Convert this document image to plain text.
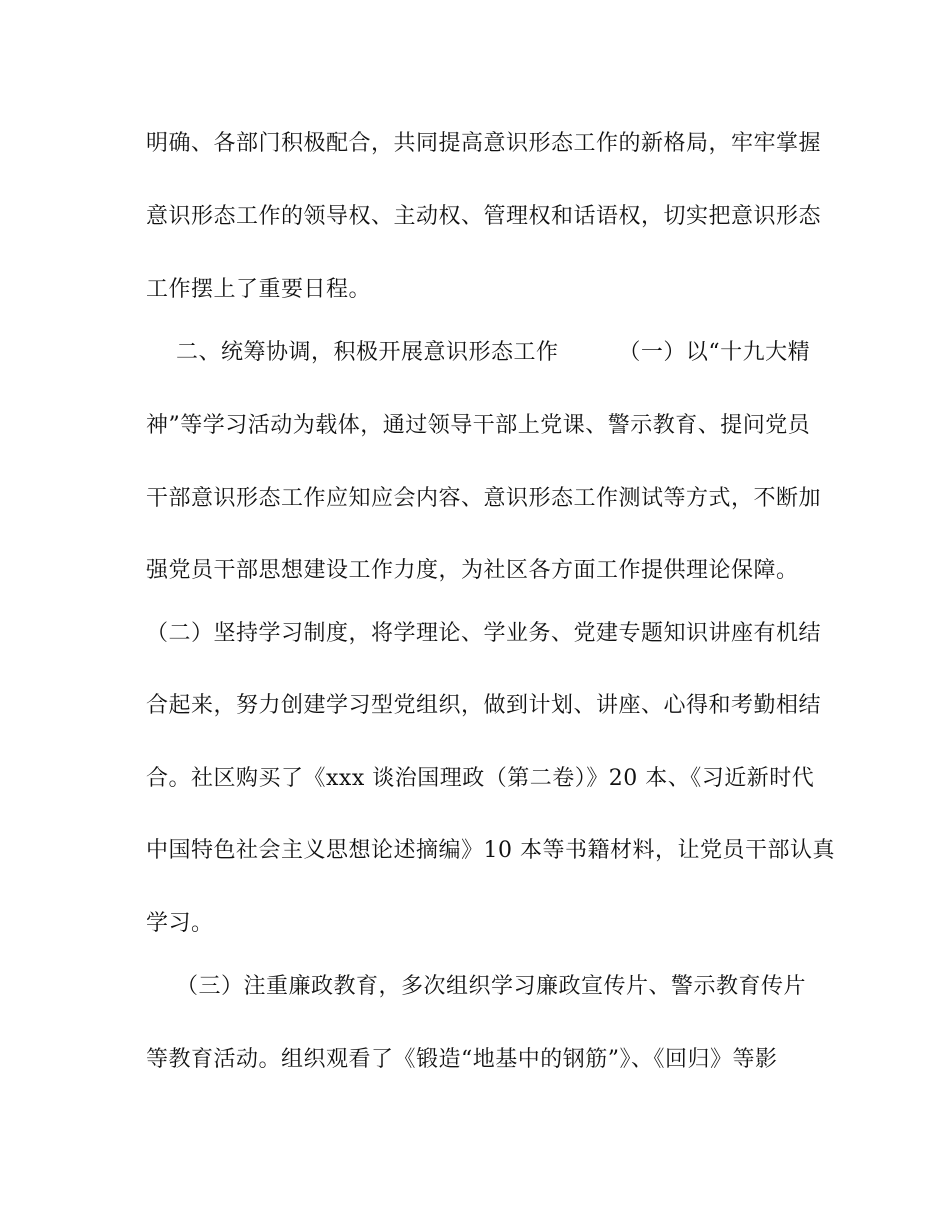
明确、各部门积极配合，共同提高意识形态工作的新格局，牢牢掌握
意识形态工作的领导权、主动权、管理权和话语权，切实把意识形态
工作摆上了重要日程。
二、统筹协调，积极开展意识形态工作        （一）以“十九大精
神”等学习活动为载体，通过领导干部上党课、警示教育、提问党员
干部意识形态工作应知应会内容、意识形态工作测试等方式，不断加
强党员干部思想建设工作力度，为社区各方面工作提供理论保障。
（二）坚持学习制度，将学理论、学业务、党建专题知识讲座有机结
合起来，努力创建学习型党组织，做到计划、讲座、心得和考勤相结
合。社区购买了《xxx 谈治国理政（第二卷）》20 本、《习近新时代
中国特色社会主义思想论述摘编》10 本等书籍材料，让党员干部认真
学习。
（三）注重廉政教育，多次组织学习廉政宣传片、警示教育传片
等教育活动。组织观看了《锻造“地基中的钢筋”》、《回归》等影
